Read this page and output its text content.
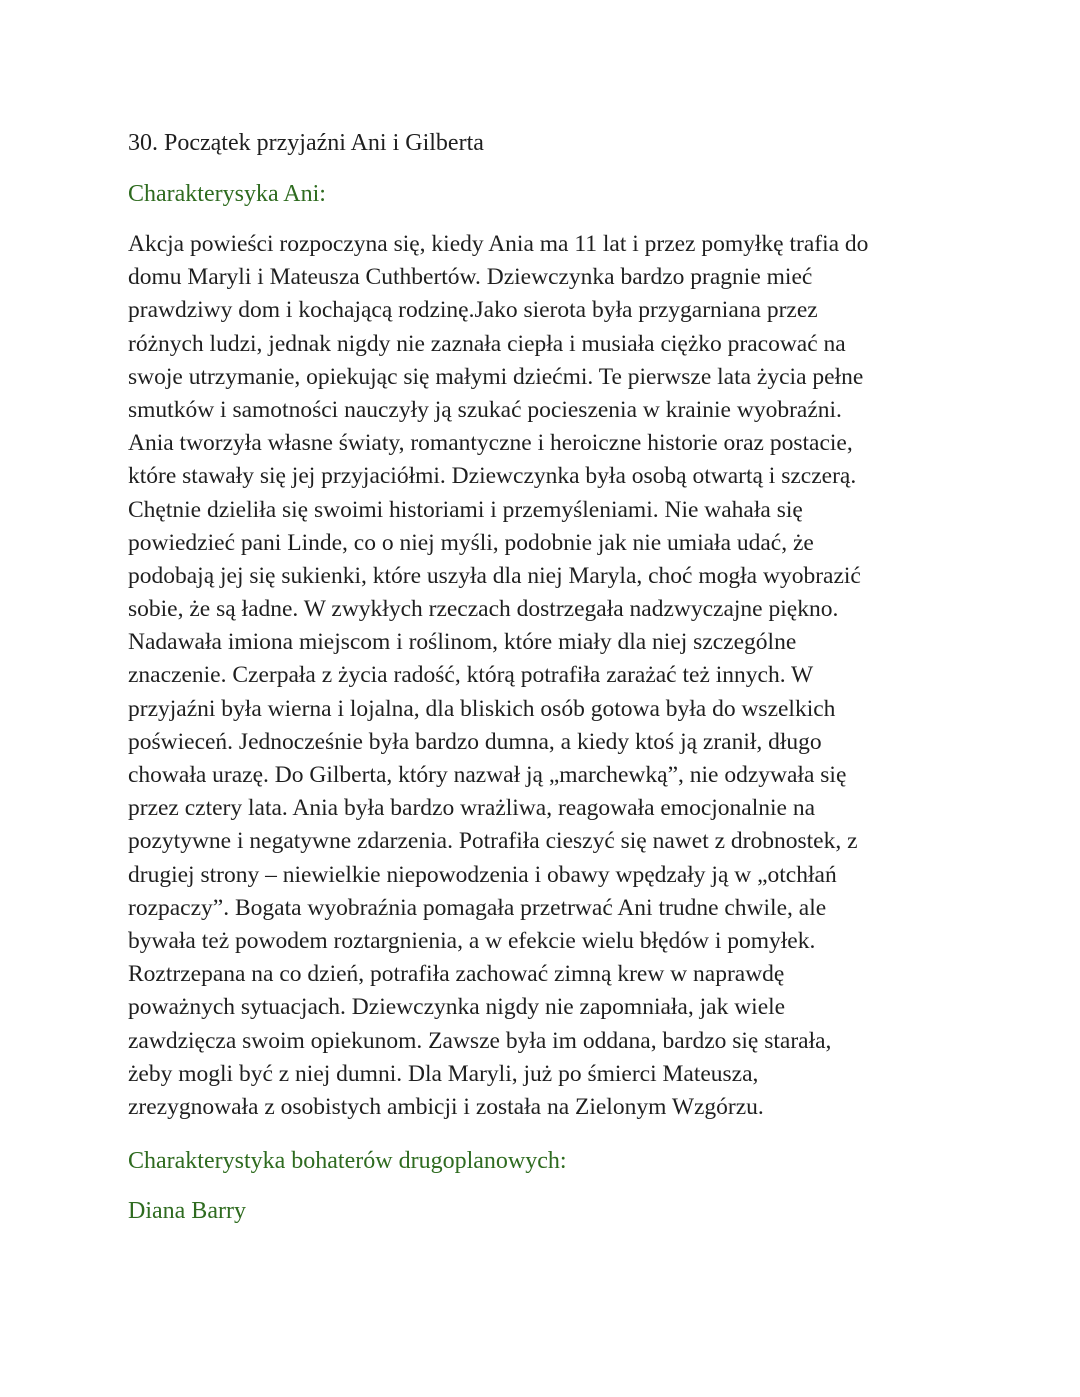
30. Początek przyjaźni Ani i Gilberta
Charakterysyka Ani:
Akcja powieści rozpoczyna się, kiedy Ania ma 11 lat i przez pomyłkę trafia do
domu Maryli i Mateusza Cuthbertów. Dziewczynka bardzo pragnie mieć
prawdziwy dom i kochającą rodzinę.Jako sierota była przygarniana przez
różnych ludzi, jednak nigdy nie zaznała ciepła i musiała ciężko pracować na
swoje utrzymanie, opiekując się małymi dziećmi. Te pierwsze lata życia pełne
smutków i samotności nauczyły ją szukać pocieszenia w krainie wyobraźni.
Ania tworzyła własne światy, romantyczne i heroiczne historie oraz postacie,
które stawały się jej przyjaciółmi. Dziewczynka była osobą otwartą i szczerą.
Chętnie dzieliła się swoimi historiami i przemyśleniami. Nie wahała się
powiedzieć pani Linde, co o niej myśli, podobnie jak nie umiała udać, że
podobają jej się sukienki, które uszyła dla niej Maryla, choć mogła wyobrazić
sobie, że są ładne. W zwykłych rzeczach dostrzegała nadzwyczajne piękno.
Nadawała imiona miejscom i roślinom, które miały dla niej szczególne
znaczenie. Czerpała z życia radość, którą potrafiła zarażać też innych. W
przyjaźni była wierna i lojalna, dla bliskich osób gotowa była do wszelkich
poświeceń. Jednocześnie była bardzo dumna, a kiedy ktoś ją zranił, długo
chowała urazę. Do Gilberta, który nazwał ją „marchewką”, nie odzywała się
przez cztery lata. Ania była bardzo wrażliwa, reagowała emocjonalnie na
pozytywne i negatywne zdarzenia. Potrafiła cieszyć się nawet z drobnostek, z
drugiej strony – niewielkie niepowodzenia i obawy wpędzały ją w „otchłań
rozpaczy”. Bogata wyobraźnia pomagała przetrwać Ani trudne chwile, ale
bywała też powodem roztargnienia, a w efekcie wielu błędów i pomyłek.
Roztrzepana na co dzień, potrafiła zachować zimną krew w naprawdę
poważnych sytuacjach. Dziewczynka nigdy nie zapomniała, jak wiele
zawdzięcza swoim opiekunom. Zawsze była im oddana, bardzo się starała,
żeby mogli być z niej dumni. Dla Maryli, już po śmierci Mateusza,
zrezygnowała z osobistych ambicji i została na Zielonym Wzgórzu.
Charakterystyka bohaterów drugoplanowych:
Diana Barry
